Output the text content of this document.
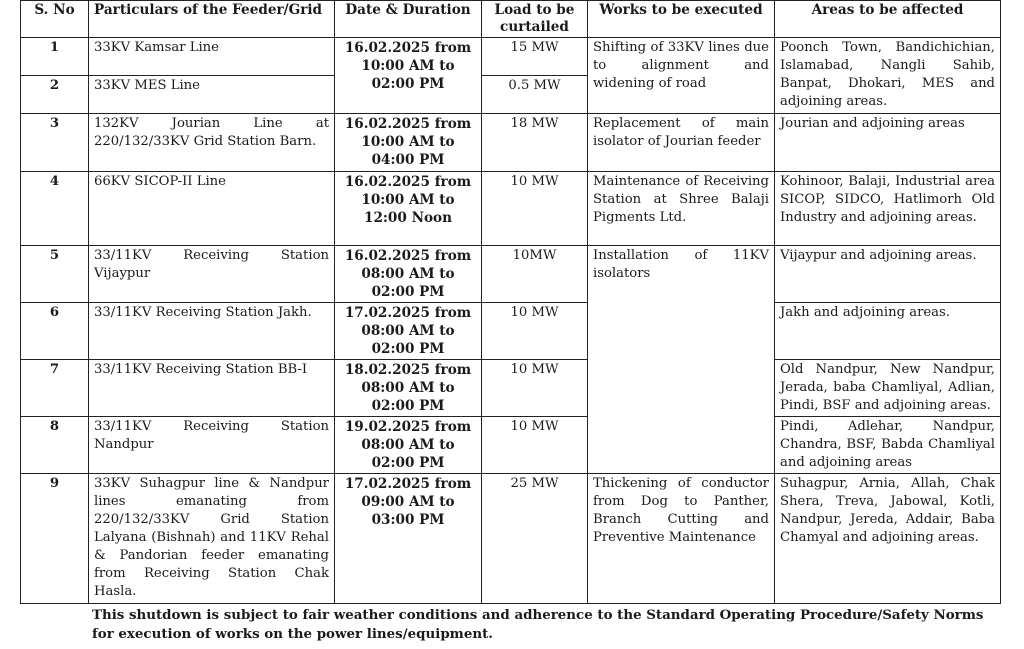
S. No	Particulars of the Feeder/Grid	Date & Duration	Load to be curtailed	Works to be executed	Areas to be affected
1	33KV Kamsar Line	16.02.2025 from 10:00 AM to 02:00 PM	15 MW	Shifting of 33KV lines due to alignment and widening of road	Poonch Town, Bandichichian, Islamabad, Nangli Sahib, Banpat, Dhokari, MES and adjoining areas.
2	33KV MES Line		0.5 MW		
3	132KV Jourian Line at 220/132/33KV Grid Station Barn.	16.02.2025 from 10:00 AM to 04:00 PM	18 MW	Replacement of main isolator of Jourian feeder	Jourian and adjoining areas
4	66KV SICOP-II Line	16.02.2025 from 10:00 AM to 12:00 Noon	10 MW	Maintenance of Receiving Station at Shree Balaji Pigments Ltd.	Kohinoor, Balaji, Industrial area SICOP, SIDCO, Hatlimorh Old Industry and adjoining areas.
5	33/11KV Receiving Station Vijaypur	16.02.2025 from 08:00 AM to 02:00 PM	10MW	Installation of 11KV isolators	Vijaypur and adjoining areas.
6	33/11KV Receiving Station Jakh.	17.02.2025 from 08:00 AM to 02:00 PM	10 MW		Jakh and adjoining areas.
7	33/11KV Receiving Station BB-I	18.02.2025 from 08:00 AM to 02:00 PM	10 MW		Old Nandpur, New Nandpur, Jerada, baba Chamliyal, Adlian, Pindi, BSF and adjoining areas.
8	33/11KV Receiving Station Nandpur	19.02.2025 from 08:00 AM to 02:00 PM	10 MW		Pindi, Adlehar, Nandpur, Chandra, BSF, Babda Chamliyal and adjoining areas
9	33KV Suhagpur line & Nandpur lines emanating from 220/132/33KV Grid Station Lalyana (Bishnah) and 11KV Rehal & Pandorian feeder emanating from Receiving Station Chak Hasla.	17.02.2025 from 09:00 AM to 03:00 PM	25 MW	Thickening of conductor from Dog to Panther, Branch Cutting and Preventive Maintenance	Suhagpur, Arnia, Allah, Chak Shera, Treva, Jabowal, Kotli, Nandpur, Jereda, Addair, Baba Chamyal and adjoining areas.
This shutdown is subject to fair weather conditions and adherence to the Standard Operating Procedure/Safety Norms for execution of works on the power lines/equipment.
